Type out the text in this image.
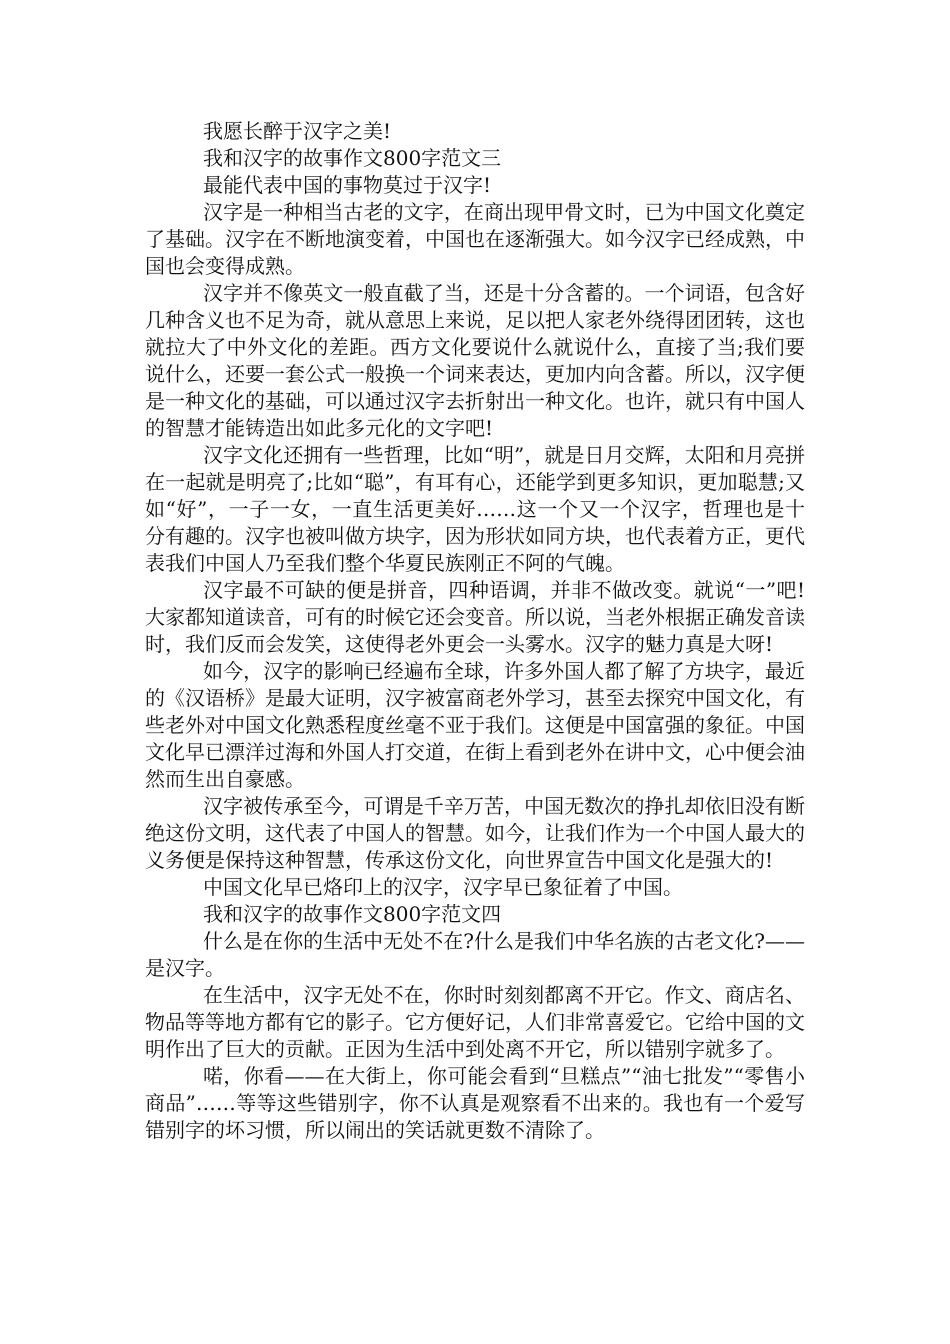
我愿长醉于汉字之美!

我和汉字的故事作文800字范文三

最能代表中国的事物莫过于汉字!

汉字是一种相当古老的文字，在商出现甲骨文时，已为中国文化奠定了基础。汉字在不断地演变着，中国也在逐渐强大。如今汉字已经成熟，中国也会变得成熟。

汉字并不像英文一般直截了当，还是十分含蓄的。一个词语，包含好几种含义也不足为奇，就从意思上来说，足以把人家老外绕得团团转，这也就拉大了中外文化的差距。西方文化要说什么就说什么，直接了当;我们要说什么，还要一套公式一般换一个词来表达，更加内向含蓄。所以，汉字便是一种文化的基础，可以通过汉字去折射出一种文化。也许，就只有中国人的智慧才能铸造出如此多元化的文字吧!

汉字文化还拥有一些哲理，比如“明”，就是日月交辉，太阳和月亮拼在一起就是明亮了;比如“聪”，有耳有心，还能学到更多知识，更加聪慧;又如“好”，一子一女，一直生活更美好……这一个又一个汉字，哲理也是十分有趣的。汉字也被叫做方块字，因为形状如同方块，也代表着方正，更代表我们中国人乃至我们整个华夏民族刚正不阿的气魄。

汉字最不可缺的便是拼音，四种语调，并非不做改变。就说“一”吧!大家都知道读音，可有的时候它还会变音。所以说，当老外根据正确发音读时，我们反而会发笑，这使得老外更会一头雾水。汉字的魅力真是大呀!

如今，汉字的影响已经遍布全球，许多外国人都了解了方块字，最近的《汉语桥》是最大证明，汉字被富商老外学习，甚至去探究中国文化，有些老外对中国文化熟悉程度丝毫不亚于我们。这便是中国富强的象征。中国文化早已漂洋过海和外国人打交道，在街上看到老外在讲中文，心中便会油然而生出自豪感。

汉字被传承至今，可谓是千辛万苦，中国无数次的挣扎却依旧没有断绝这份文明，这代表了中国人的智慧。如今，让我们作为一个中国人最大的义务便是保持这种智慧，传承这份文化，向世界宣告中国文化是强大的!

中国文化早已烙印上的汉字，汉字早已象征着了中国。

我和汉字的故事作文800字范文四

什么是在你的生活中无处不在?什么是我们中华名族的古老文化?——是汉字。

在生活中，汉字无处不在，你时时刻刻都离不开它。作文、商店名、物品等等地方都有它的影子。它方便好记，人们非常喜爱它。它给中国的文明作出了巨大的贡献。正因为生活中到处离不开它，所以错别字就多了。

喏，你看——在大街上，你可能会看到“旦糕点”“油七批发”“零售小商品”……等等这些错别字，你不认真是观察看不出来的。我也有一个爱写错别字的坏习惯，所以闹出的笑话就更数不清除了。
